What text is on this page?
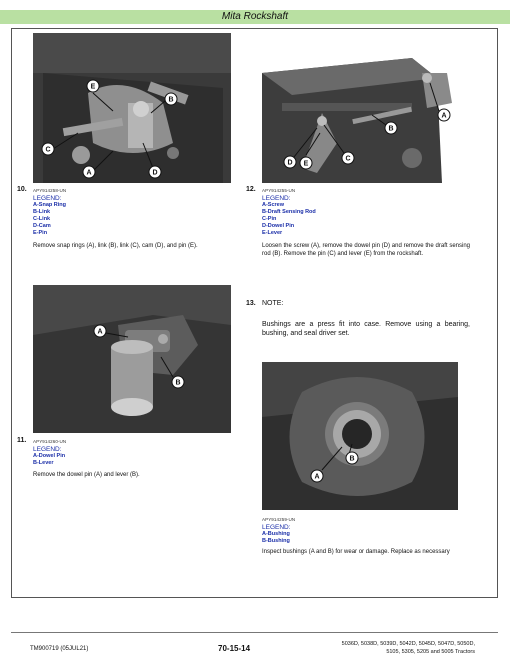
Mita Rockshaft
A
B
C
D
E
10. APY914258-UN
LEGEND:
A-Snap Ring
B-Link
C-Link
D-Cam
E-Pin
Remove snap rings (A), link (B), link (C), cam (D), and pin (E).
A
B
11. APY914260-UN
LEGEND:
A-Dowel Pin
B-Lever
Remove the dowel pin (A) and lever (B).
A
B
C
D E
12. APY914255-UN
LEGEND:
A-Screw
B-Draft Sensing Rod
C-Pin
D-Dowel Pin
E-Lever
Loosen the screw (A), remove the dowel pin (D) and remove the draft sensing rod (B). Remove the pin (C) and lever (E) from the rockshaft.
13. NOTE:
Bushings are a press fit into case. Remove using a bearing, bushing, and seal driver set.
A
B
APY914259-UN
LEGEND:
A-Bushing
B-Bushing
Inspect bushings (A and B) for wear or damage. Replace as necessary
TM900719 (05JUL21)	70-15-14	5036D, 5038D, 5039D, 5042D, 5045D, 5047D, 5050D,
5105, 5305, 5205 and 5005 Tractors
